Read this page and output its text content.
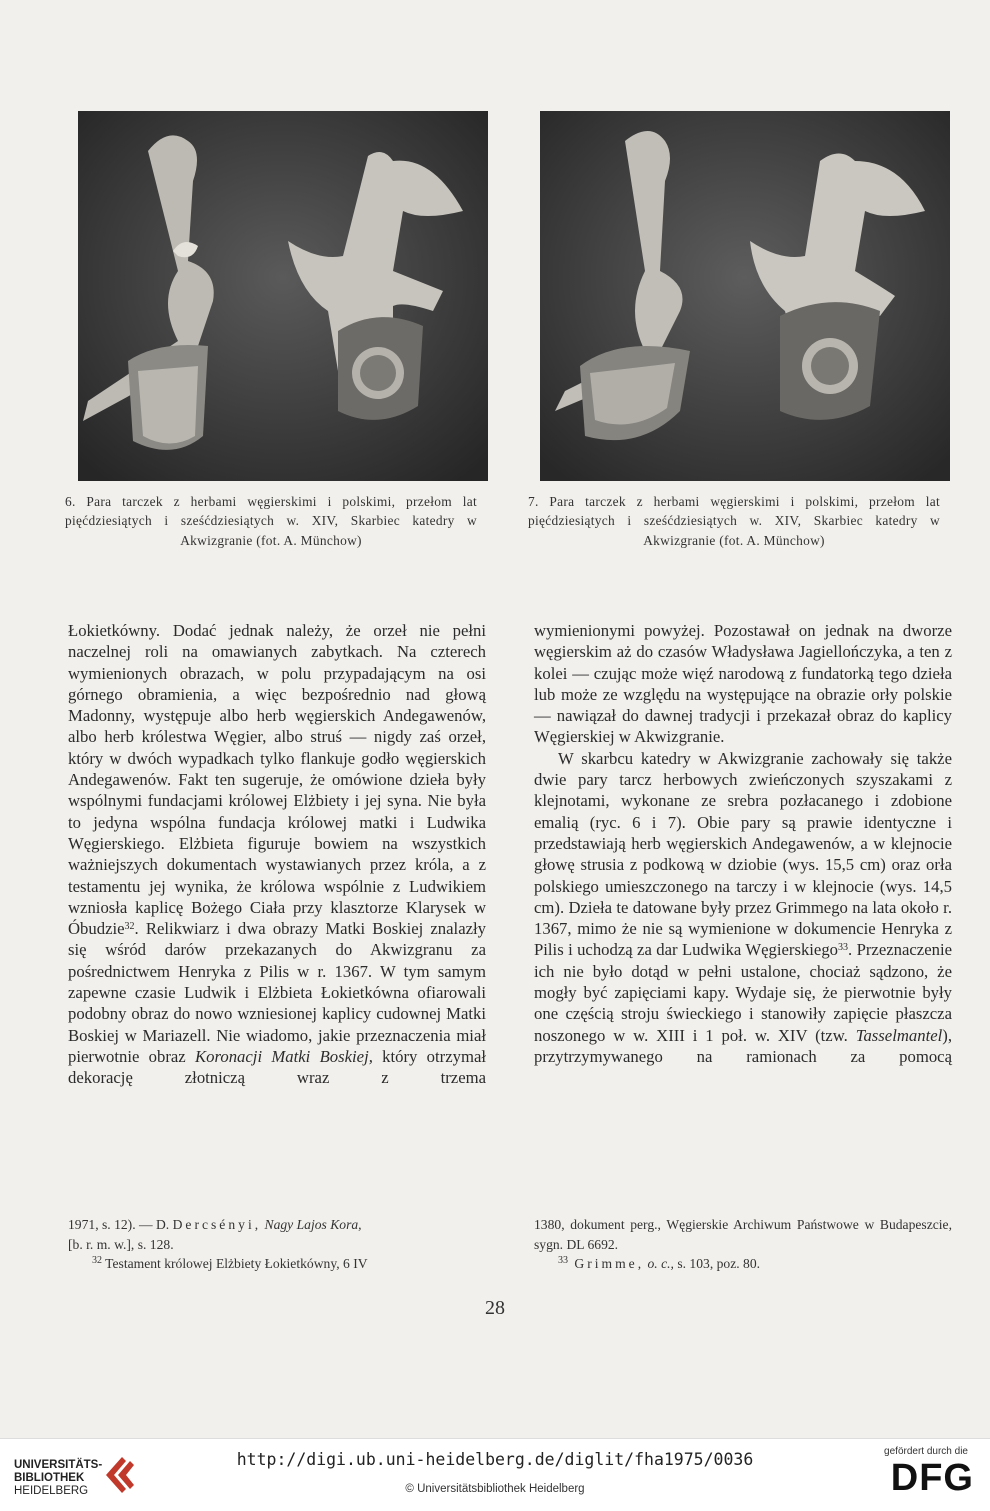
6. Para tarczek z herbami węgierskimi i polskimi, przełom lat pięćdziesiątych i sześćdziesiątych w. XIV, Skarbiec katedry w Akwizgranie (fot. A. Münchow)
7. Para tarczek z herbami węgierskimi i polskimi, przełom lat pięćdziesiątych i sześćdziesiątych w. XIV, Skarbiec katedry w Akwizgranie (fot. A. Münchow)

Łokietkówny. Dodać jednak należy, że orzeł nie pełni naczelnej roli na omawianych zabytkach. Na czterech wymienionych obrazach, w polu przypadającym na osi górnego obramienia, a więc bezpośrednio nad głową Madonny, występuje albo herb węgierskich Andegawenów, albo herb królestwa Węgier, albo struś — nigdy zaś orzeł, który w dwóch wypadkach tylko flankuje godło węgierskich Andegawenów. Fakt ten sugeruje, że omówione dzieła były wspólnymi fundacjami królowej Elżbiety i jej syna. Nie była to jedyna wspólna fundacja królowej matki i Ludwika Węgierskiego. Elżbieta figuruje bowiem na wszystkich ważniejszych dokumentach wystawianych przez króla, a z testamentu jej wynika, że królowa wspólnie z Ludwikiem wzniosła kaplicę Bożego Ciała przy klasztorze Klarysek w Óbudzie$^{32}$. Relikwiarz i dwa obrazy Matki Boskiej znalazły się wśród darów przekazanych do Akwizgranu za pośrednictwem Henryka z Pilis w r. 1367. W tym samym zapewne czasie Ludwik i Elżbieta Łokietkówna ofiarowali podobny obraz do nowo wzniesionej kaplicy cudownej Matki Boskiej w Mariazell. Nie wiadomo, jakie przeznaczenia miał pierwotnie obraz Koronacji Matki Boskiej, który otrzymał dekorację złotniczą wraz z trzema

wymienionymi powyżej. Pozostawał on jednak na dworze węgierskim aż do czasów Władysława Jagiellończyka, a ten z kolei — czując może więź narodową z fundatorką tego dzieła lub może ze względu na występujące na obrazie orły polskie — nawiązał do dawnej tradycji i przekazał obraz do kaplicy Węgierskiej w Akwizgranie.

W skarbcu katedry w Akwizgranie zachowały się także dwie pary tarcz herbowych zwieńczonych szyszakami z klejnotami, wykonane ze srebra pozłacanego i zdobione emalią (ryc. 6 i 7). Obie pary są prawie identyczne i przedstawiają herb węgierskich Andegawenów, a w klejnocie głowę strusia z podkową w dziobie (wys. 15,5 cm) oraz orła polskiego umieszczonego na tarczy i w klejnocie (wys. 14,5 cm). Dzieła te datowane były przez Grimmego na lata około r. 1367, mimo że nie są wymienione w dokumencie Henryka z Pilis i uchodzą za dar Ludwika Węgierskiego$^{33}$. Przeznaczenie ich nie było dotąd w pełni ustalone, chociaż sądzono, że mogły być zapięciami kapy. Wydaje się, że pierwotnie były one częścią stroju świeckiego i stanowiły zapięcie płaszcza noszonego w w. XIII i 1 poł. w. XIV (tzw. Tasselmantel), przytrzymywanego na ramionach za pomocą

1971, s. 12). — D. Dercsényi, Nagy Lajos Kora,

[b. r. m. w.], s. 128.

$^{32}$ Testament królowej Elżbiety Łokietkówny, 6 IV

1380, dokument perg., Węgierskie Archiwum Państwowe w Budapeszcie, sygn. DL 6692.

$^{33}$ Grimme, o. c., s. 103, poz. 80.

28
UNIVERSITÄTS-
BIBLIOTHEK
HEIDELBERG
http://digi.ub.uni-heidelberg.de/diglit/fha1975/0036
© Universitätsbibliothek Heidelberg
gefördert durch die
DFG
